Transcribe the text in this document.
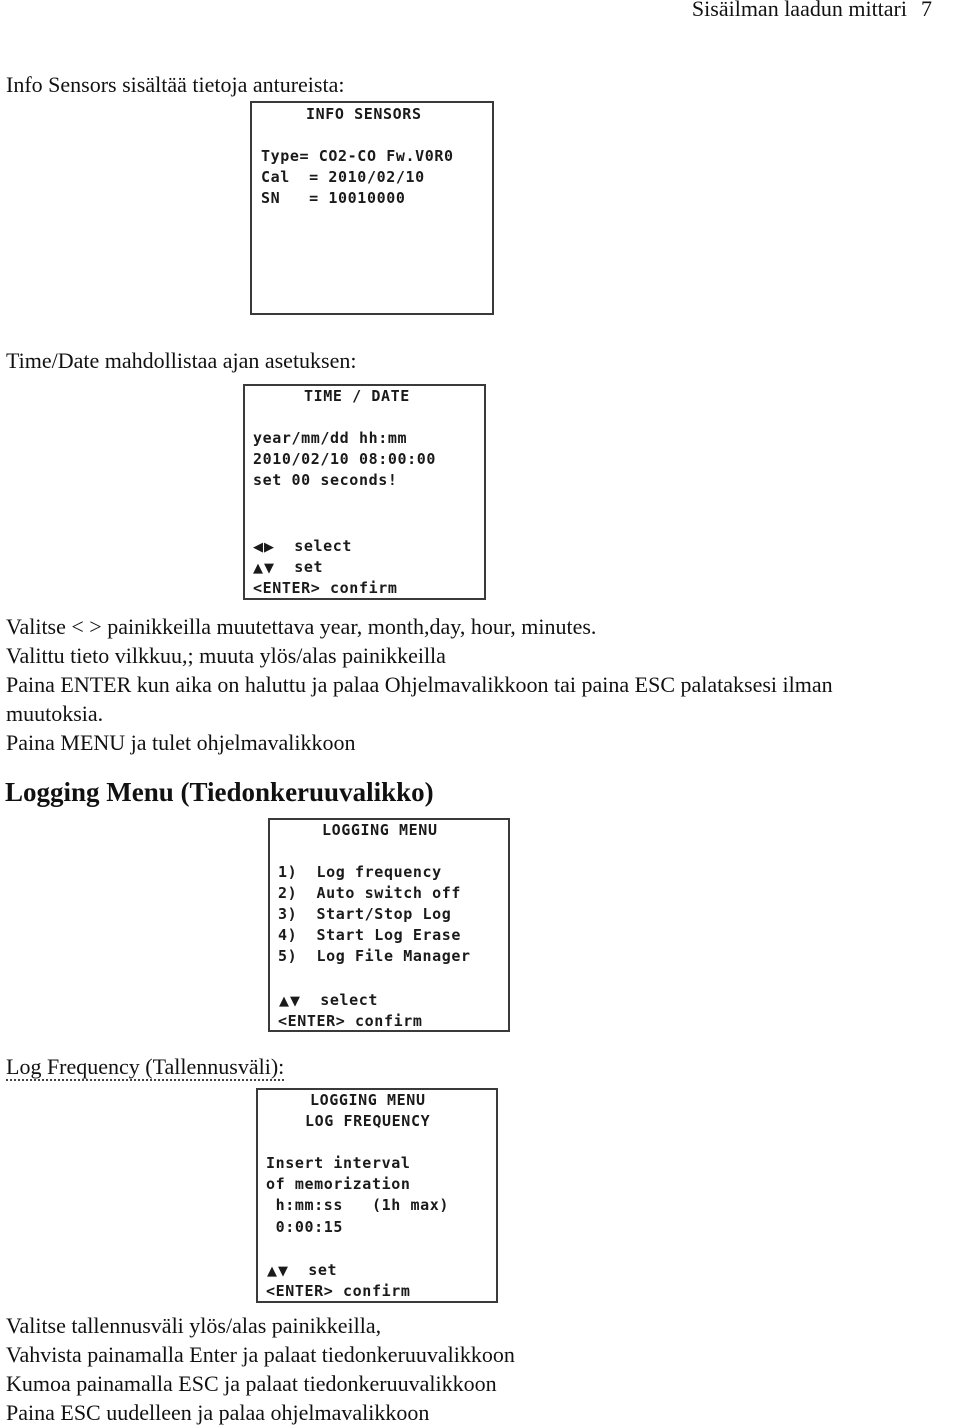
Sisäilman laadun mittari 7
Info Sensors sisältää tietoja antureista:
INFO SENSORS
Type= CO2-CO Fw.V0R0
Cal  = 2010/02/10
SN   = 10010000
Time/Date mahdollistaa ajan asetuksen:
TIME / DATE
year/mm/dd hh:mm
2010/02/10 08:00:00
set 00 seconds!
◀▶ select
▲▼ set
<ENTER> confirm
Valitse < > painikkeilla muutettava year, month,day, hour, minutes.
Valittu tieto vilkkuu,; muuta ylös/alas painikkeilla
Paina ENTER kun aika on haluttu ja palaa Ohjelmavalikkoon tai paina ESC palataksesi ilman
muutoksia.
Paina MENU ja tulet ohjelmavalikkoon
Logging Menu (Tiedonkeruuvalikko)
LOGGING MENU
1)  Log frequency
2)  Auto switch off
3)  Start/Stop Log
4)  Start Log Erase
5)  Log File Manager
▲▼ select
<ENTER> confirm
Log Frequency (Tallennusväli):
LOGGING MENU
LOG FREQUENCY
Insert interval
of memorization
h:mm:ss   (1h max)
0:00:15
▲▼ set
<ENTER> confirm
Valitse tallennusväli ylös/alas painikkeilla,
Vahvista painamalla Enter ja palaat tiedonkeruuvalikkoon
Kumoa painamalla ESC ja palaat tiedonkeruuvalikkoon
Paina ESC uudelleen ja palaa ohjelmavalikkoon
